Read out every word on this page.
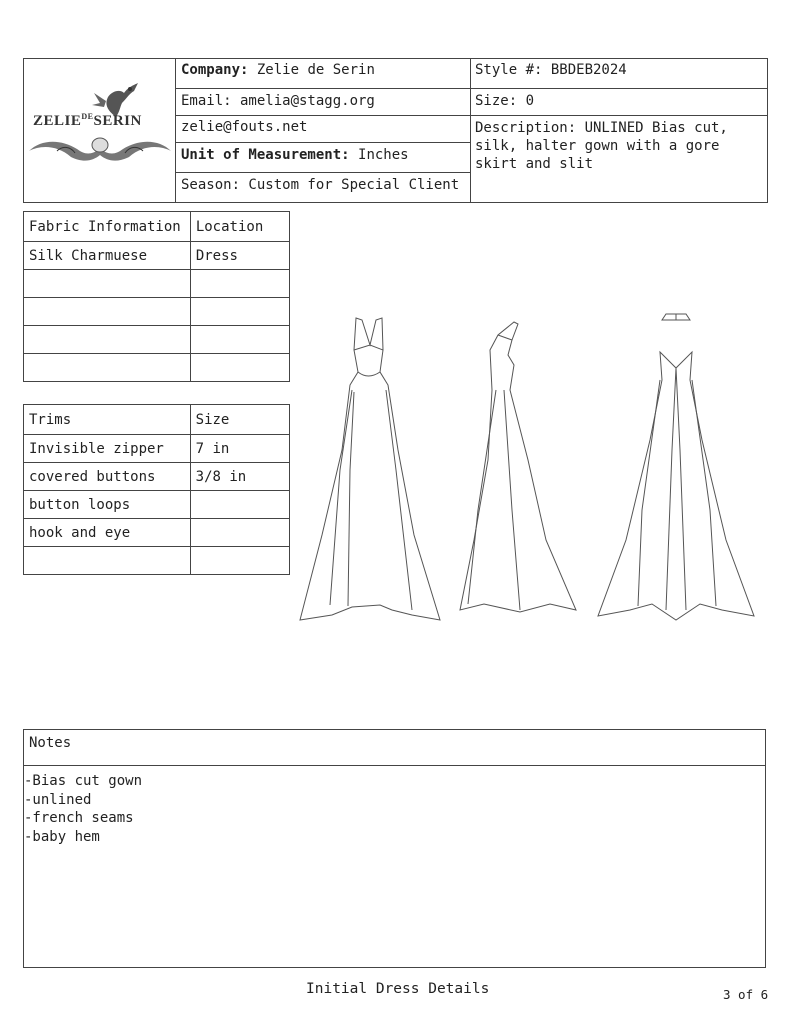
$ZELIE^{DE}SERIN$
Company: Zelie de Serin
Email: amelia@stagg.org
zelie@fouts.net
Unit of Measurement: Inches
Season: Custom for Special Client
Style #: BBDEB2024
Size: 0
Description: UNLINED Bias cut, silk, halter gown with a gore skirt and slit
Fabric Information	Location
Silk Charmuese	Dress

Trims	Size
Invisible zipper	7 in
covered buttons	3/8 in
button loops	
hook and eye	

Notes
-Bias cut gown
-unlined
-french seams
-baby hem
Initial Dress Details	3 of 6
